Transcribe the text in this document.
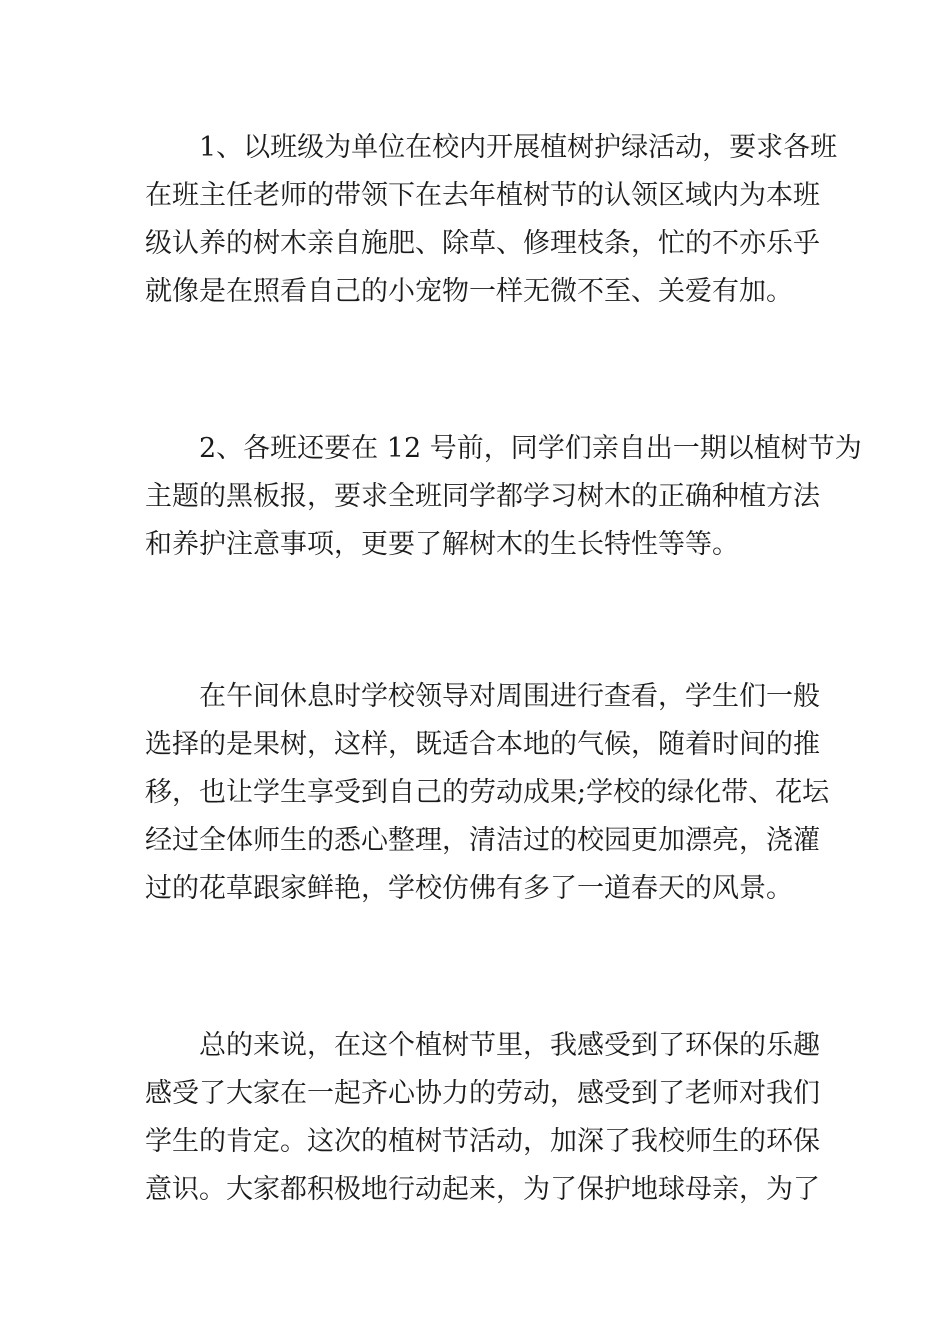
1、以班级为单位在校内开展植树护绿活动，要求各班
在班主任老师的带领下在去年植树节的认领区域内为本班
级认养的树木亲自施肥、除草、修理枝条，忙的不亦乐乎
就像是在照看自己的小宠物一样无微不至、关爱有加。

2、各班还要在 12 号前，同学们亲自出一期以植树节为
主题的黑板报，要求全班同学都学习树木的正确种植方法
和养护注意事项，更要了解树木的生长特性等等。

在午间休息时学校领导对周围进行查看，学生们一般
选择的是果树，这样，既适合本地的气候，随着时间的推
移，也让学生享受到自己的劳动成果;学校的绿化带、花坛
经过全体师生的悉心整理，清洁过的校园更加漂亮，浇灌
过的花草跟家鲜艳，学校仿佛有多了一道春天的风景。

总的来说，在这个植树节里，我感受到了环保的乐趣
感受了大家在一起齐心协力的劳动，感受到了老师对我们
学生的肯定。这次的植树节活动，加深了我校师生的环保
意识。大家都积极地行动起来，为了保护地球母亲，为了
